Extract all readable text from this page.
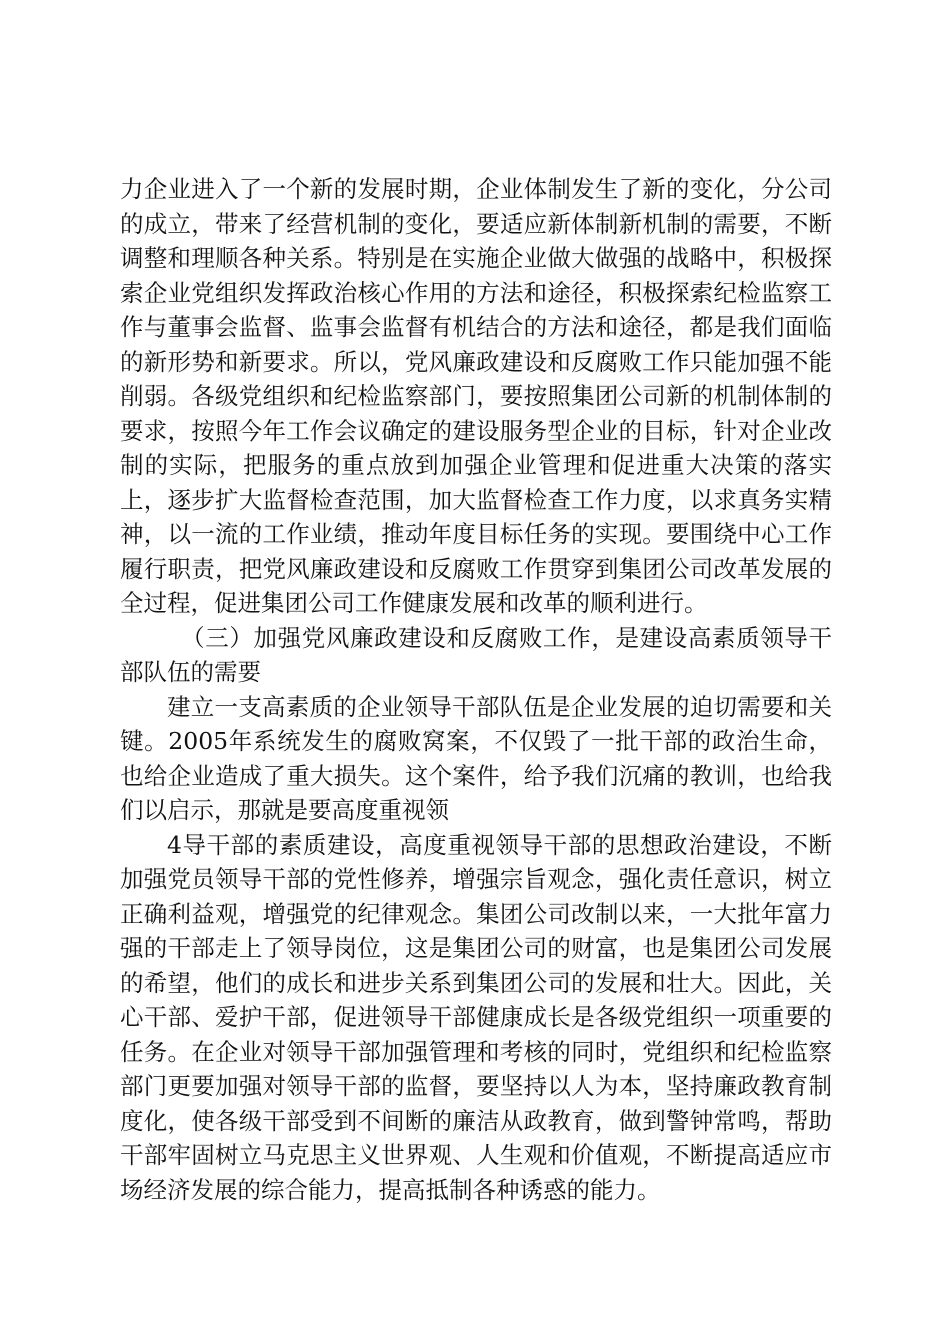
力企业进入了一个新的发展时期，企业体制发生了新的变化，分公司的成立，带来了经营机制的变化，要适应新体制新机制的需要，不断调整和理顺各种关系。特别是在实施企业做大做强的战略中，积极探索企业党组织发挥政治核心作用的方法和途径，积极探索纪检监察工作与董事会监督、监事会监督有机结合的方法和途径，都是我们面临的新形势和新要求。所以，党风廉政建设和反腐败工作只能加强不能削弱。各级党组织和纪检监察部门，要按照集团公司新的机制体制的要求，按照今年工作会议确定的建设服务型企业的目标，针对企业改制的实际，把服务的重点放到加强企业管理和促进重大决策的落实上，逐步扩大监督检查范围，加大监督检查工作力度，以求真务实精神，以一流的工作业绩，推动年度目标任务的实现。要围绕中心工作履行职责，把党风廉政建设和反腐败工作贯穿到集团公司改革发展的全过程，促进集团公司工作健康发展和改革的顺利进行。

（三）加强党风廉政建设和反腐败工作，是建设高素质领导干部队伍的需要

建立一支高素质的企业领导干部队伍是企业发展的迫切需要和关键。2005年系统发生的腐败窝案，不仅毁了一批干部的政治生命，也给企业造成了重大损失。这个案件，给予我们沉痛的教训，也给我们以启示，那就是要高度重视领

4导干部的素质建设，高度重视领导干部的思想政治建设，不断加强党员领导干部的党性修养，增强宗旨观念，强化责任意识，树立正确利益观，增强党的纪律观念。集团公司改制以来，一大批年富力强的干部走上了领导岗位，这是集团公司的财富，也是集团公司发展的希望，他们的成长和进步关系到集团公司的发展和壮大。因此，关心干部、爱护干部，促进领导干部健康成长是各级党组织一项重要的任务。在企业对领导干部加强管理和考核的同时，党组织和纪检监察部门更要加强对领导干部的监督，要坚持以人为本，坚持廉政教育制度化，使各级干部受到不间断的廉洁从政教育，做到警钟常鸣，帮助干部牢固树立马克思主义世界观、人生观和价值观，不断提高适应市场经济发展的综合能力，提高抵制各种诱惑的能力。
